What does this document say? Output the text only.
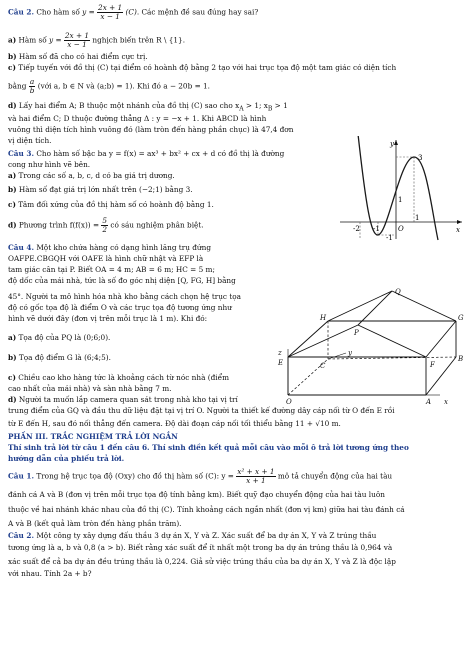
Câu 2. Cho hàm số $y = \frac{2x + 1}{x - 1} (C)$. Các mệnh đề sau đúng hay sai?
a) Hàm số $y = \frac{2x + 1}{x - 1}$ nghịch biến trên R \ {1}.
b) Hàm số đã cho có hai điểm cực trị.
c) Tiếp tuyến với đồ thị (C) tại điểm có hoành độ bằng 2 tạo với hai trục tọa độ một tam giác có diện tích
bằng $\frac{a}{b}$ (với a, b ∈ N và (a;b) = 1). Khi đó a − 20b = 1.
d) Lấy hai điểm A; B thuộc một nhánh của đồ thị (C) sao cho $x_A > 1$; $x_B > 1$
và hai điểm C; D thuộc đường thẳng Δ : y = −x + 1. Khi ABCD là hình
vuông thì diện tích hình vuông đó (làm tròn đến hàng phần chục) là 47,4 đơn
vị diện tích.
Câu 3. Cho hàm số bậc ba y = f(x) = ax³ + bx² + cx + d có đồ thị là đường
cong như hình vẽ bên.
a) Trong các số a, b, c, d có ba giá trị dương.
b) Hàm số đạt giá trị lớn nhất trên (−2;1) bằng 3.
c) Tâm đối xứng của đồ thị hàm số có hoành độ bằng 1.
d) Phương trình $f(f(x)) = \frac{5}{2}$ có sáu nghiệm phân biệt.
y
x
O
3
1
-2 -1
1
-1
Câu 4. Một kho chứa hàng có dạng hình lăng trụ đứng
OAFPE.CBGQH với OAFE là hình chữ nhật và EFP là
tam giác cân tại P. Biết OA = 4 m; AB = 6 m; HC = 5 m;
độ dốc của mái nhà, tức là số đo góc nhị diện [Q, FG, H] bằng
45°. Người ta mô hình hóa nhà kho bằng cách chọn hệ trục tọa
độ có gốc tọa độ là điểm O và các trục tọa độ tương ứng như
hình vẽ dưới đây (đơn vị trên mỗi trục là 1 m). Khi đó:
a) Tọa độ của PQ là (0;6;0).
b) Tọa độ điểm G là (6;4;5).
c) Chiều cao kho hàng tức là khoảng cách từ nóc nhà (điểm
cao nhất của mái nhà) và sàn nhà bằng 7 m.
d) Người ta muốn lắp camera quan sát trong nhà kho tại vị trí
trung điểm của GQ và đầu thu dữ liệu đặt tại vị trí O. Người ta thiết kế đường dây cáp nối từ O đến E rồi
từ E đến H, sau đó nối thẳng đến camera. Độ dài đoạn cáp nối tối thiểu bằng 11 + √10 m.
Q
H	G
P
z
E	F
C
y
B
O	A x
PHẦN III. TRẮC NGHIỆM TRẢ LỜI NGẮN
Thí sinh trả lời từ câu 1 đến câu 6. Thí sinh điền kết quả mỗi câu vào mỗi ô trả lời tương ứng theo
hướng dẫn của phiếu trả lời.
Câu 1. Trong hệ trục tọa độ (Oxy) cho đồ thị hàm số (C): $y = \frac{\text{x² + x + 1}}{x + 1}$ mô tả chuyển động của hai tàu
đánh cá A và B (đơn vị trên mỗi trục tọa độ tính bằng km). Biết quỹ đạo chuyển động của hai tàu luôn
thuộc về hai nhánh khác nhau của đồ thị (C). Tính khoảng cách ngắn nhất (đơn vị km) giữa hai tàu đánh cá
A và B (kết quả làm tròn đến hàng phần trăm).
Câu 2. Một công ty xây dựng đấu thầu 3 dự án X, Y và Z. Xác suất để ba dự án X, Y và Z trúng thầu
tương ứng là a, b và 0,8 (a > b). Biết rằng xác suất để ít nhất một trong ba dự án trúng thầu là 0,964 và
xác suất để cả ba dự án đều trúng thầu là 0,224. Giả sử việc trúng thầu của ba dự án X, Y và Z là độc lập
với nhau. Tính 2a + b?
